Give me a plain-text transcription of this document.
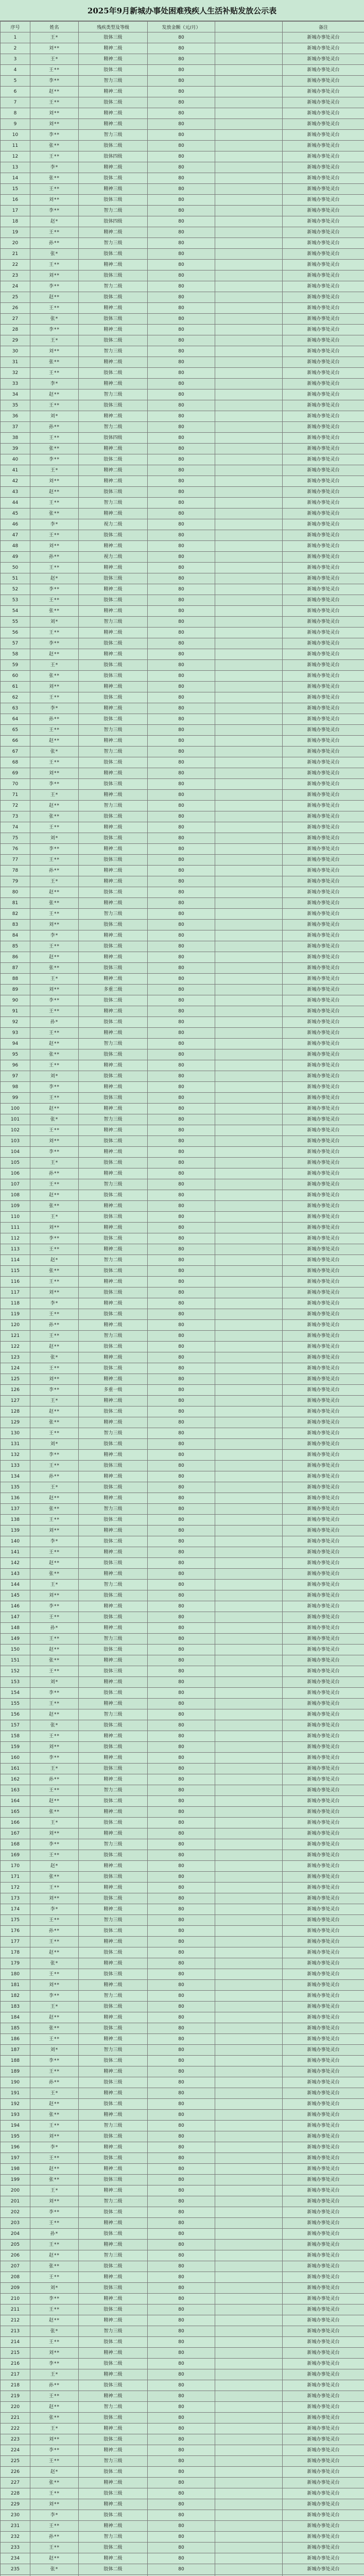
2025年9月新城办事处困难残疾人生活补贴发放公示表
序号	姓名	残疾类型及等级	发放金额（元/月）		备注
1	王*	肢体三级	80		新城办事处灵台
2	刘**	精神二级	80		新城办事处灵台
3	王*	精神二级	80		新城办事处灵台
4	王**	肢体二级	80		新城办事处灵台
5	李**	智力三级	80		新城办事处灵台
6	赵**	精神二级	80		新城办事处灵台
7	王**	肢体二级	80		新城办事处灵台
8	刘**	精神二级	80		新城办事处灵台
9	刘**	精神二级	80		新城办事处灵台
10	李**	智力三级	80		新城办事处灵台
11	张**	肢体二级	80		新城办事处灵台
12	王**	肢体四级	80		新城办事处灵台
13	李*	精神二级	80		新城办事处灵台
14	张**	肢体二级	80		新城办事处灵台
15	王**	精神三级	80		新城办事处灵台
16	刘**	肢体三级	80		新城办事处灵台
17	李**	智力二级	80		新城办事处灵台
18	赵*	肢体四级	80		新城办事处灵台
19	王**	精神二级	80		新城办事处灵台
20	孙**	智力三级	80		新城办事处灵台
21	张*	肢体二级	80		新城办事处灵台
22	王**	精神二级	80		新城办事处灵台
23	刘**	肢体三级	80		新城办事处灵台
24	李**	智力二级	80		新城办事处灵台
25	赵**	肢体二级	80		新城办事处灵台
26	王**	精神二级	80		新城办事处灵台
27	张*	肢体三级	80		新城办事处灵台
28	李**	精神二级	80		新城办事处灵台
29	王*	肢体二级	80		新城办事处灵台
30	刘**	智力三级	80		新城办事处灵台
31	张**	精神二级	80		新城办事处灵台
32	王**	肢体二级	80		新城办事处灵台
33	李*	精神二级	80		新城办事处灵台
34	赵**	智力三级	80		新城办事处灵台
35	王**	肢体三级	80		新城办事处灵台
36	刘*	精神二级	80		新城办事处灵台
37	孙**	智力二级	80		新城办事处灵台
38	王**	肢体四级	80		新城办事处灵台
39	张**	精神二级	80		新城办事处灵台
40	李**	肢体二级	80		新城办事处灵台
41	王*	精神二级	80		新城办事处灵台
42	刘**	精神二级	80		新城办事处灵台
43	赵**	肢体三级	80		新城办事处灵台
44	王**	智力三级	80		新城办事处灵台
45	张**	精神二级	80		新城办事处灵台
46	李*	视力二级	80		新城办事处灵台
47	王**	肢体二级	80		新城办事处灵台
48	刘**	精神二级	80		新城办事处灵台
49	孙**	视力二级	80		新城办事处灵台
50	王**	精神二级	80		新城办事处灵台
51	赵*	肢体三级	80		新城办事处灵台
52	李**	精神二级	80		新城办事处灵台
53	王**	肢体二级	80		新城办事处灵台
54	张**	精神二级	80		新城办事处灵台
55	刘*	智力三级	80		新城办事处灵台
56	王**	精神二级	80		新城办事处灵台
57	李**	肢体二级	80		新城办事处灵台
58	赵**	精神二级	80		新城办事处灵台
59	王*	肢体二级	80		新城办事处灵台
60	张**	肢体三级	80		新城办事处灵台
61	刘**	精神二级	80		新城办事处灵台
62	王**	肢体二级	80		新城办事处灵台
63	李*	精神二级	80		新城办事处灵台
64	孙**	肢体二级	80		新城办事处灵台
65	王**	智力三级	80		新城办事处灵台
66	赵**	精神二级	80		新城办事处灵台
67	张*	智力二级	80		新城办事处灵台
68	王**	肢体二级	80		新城办事处灵台
69	刘**	精神二级	80		新城办事处灵台
70	李**	肢体三级	80		新城办事处灵台
71	王*	精神二级	80		新城办事处灵台
72	赵**	智力三级	80		新城办事处灵台
73	张**	肢体二级	80		新城办事处灵台
74	王**	精神二级	80		新城办事处灵台
75	刘*	肢体二级	80		新城办事处灵台
76	李**	精神二级	80		新城办事处灵台
77	王**	肢体三级	80		新城办事处灵台
78	孙**	精神二级	80		新城办事处灵台
79	王*	精神二级	80		新城办事处灵台
80	赵**	肢体二级	80		新城办事处灵台
81	张**	精神二级	80		新城办事处灵台
82	王**	智力三级	80		新城办事处灵台
83	刘**	肢体二级	80		新城办事处灵台
84	李*	精神二级	80		新城办事处灵台
85	王**	肢体二级	80		新城办事处灵台
86	赵**	精神二级	80		新城办事处灵台
87	张**	肢体三级	80		新城办事处灵台
88	王*	精神二级	80		新城办事处灵台
89	刘**	多重二级	80		新城办事处灵台
90	李**	肢体二级	80		新城办事处灵台
91	王**	精神二级	80		新城办事处灵台
92	孙*	肢体二级	80		新城办事处灵台
93	王**	精神二级	80		新城办事处灵台
94	赵**	智力三级	80		新城办事处灵台
95	张**	肢体二级	80		新城办事处灵台
96	王**	精神二级	80		新城办事处灵台
97	刘*	肢体二级	80		新城办事处灵台
98	李**	精神二级	80		新城办事处灵台
99	王**	肢体三级	80		新城办事处灵台
100	赵**	精神二级	80		新城办事处灵台
101	张*	智力三级	80		新城办事处灵台
102	王**	精神二级	80		新城办事处灵台
103	刘**	肢体二级	80		新城办事处灵台
104	李**	精神二级	80		新城办事处灵台
105	王*	肢体二级	80		新城办事处灵台
106	孙**	精神二级	80		新城办事处灵台
107	王**	智力三级	80		新城办事处灵台
108	赵**	肢体二级	80		新城办事处灵台
109	张**	精神二级	80		新城办事处灵台
110	王*	肢体三级	80		新城办事处灵台
111	刘**	精神二级	80		新城办事处灵台
112	李**	肢体二级	80		新城办事处灵台
113	王**	精神二级	80		新城办事处灵台
114	赵*	智力二级	80		新城办事处灵台
115	张**	肢体二级	80		新城办事处灵台
116	王**	精神二级	80		新城办事处灵台
117	刘**	肢体三级	80		新城办事处灵台
118	李*	精神二级	80		新城办事处灵台
119	王**	肢体二级	80		新城办事处灵台
120	孙**	精神二级	80		新城办事处灵台
121	王**	智力三级	80		新城办事处灵台
122	赵**	肢体二级	80		新城办事处灵台
123	张*	精神二级	80		新城办事处灵台
124	王**	肢体二级	80		新城办事处灵台
125	刘**	精神二级	80		新城办事处灵台
126	李**	多重一级	80		新城办事处灵台
127	王*	精神二级	80		新城办事处灵台
128	赵**	肢体二级	80		新城办事处灵台
129	张**	精神二级	80		新城办事处灵台
130	王**	智力三级	80		新城办事处灵台
131	刘*	肢体二级	80		新城办事处灵台
132	李**	精神二级	80		新城办事处灵台
133	王**	肢体三级	80		新城办事处灵台
134	孙**	精神二级	80		新城办事处灵台
135	王*	肢体二级	80		新城办事处灵台
136	赵**	精神二级	80		新城办事处灵台
137	张**	智力三级	80		新城办事处灵台
138	王**	肢体二级	80		新城办事处灵台
139	刘**	精神二级	80		新城办事处灵台
140	李*	肢体二级	80		新城办事处灵台
141	王**	精神二级	80		新城办事处灵台
142	赵**	肢体三级	80		新城办事处灵台
143	张**	精神二级	80		新城办事处灵台
144	王*	智力二级	80		新城办事处灵台
145	刘**	肢体二级	80		新城办事处灵台
146	李**	精神二级	80		新城办事处灵台
147	王**	肢体二级	80		新城办事处灵台
148	孙*	精神二级	80		新城办事处灵台
149	王**	智力三级	80		新城办事处灵台
150	赵**	肢体二级	80		新城办事处灵台
151	张**	精神二级	80		新城办事处灵台
152	王**	肢体三级	80		新城办事处灵台
153	刘*	精神二级	80		新城办事处灵台
154	李**	肢体二级	80		新城办事处灵台
155	王**	精神二级	80		新城办事处灵台
156	赵**	智力三级	80		新城办事处灵台
157	张*	肢体二级	80		新城办事处灵台
158	王**	精神二级	80		新城办事处灵台
159	刘**	肢体二级	80		新城办事处灵台
160	李**	精神二级	80		新城办事处灵台
161	王*	肢体三级	80		新城办事处灵台
162	孙**	精神二级	80		新城办事处灵台
163	王**	智力二级	80		新城办事处灵台
164	赵**	肢体二级	80		新城办事处灵台
165	张**	精神二级	80		新城办事处灵台
166	王*	肢体二级	80		新城办事处灵台
167	刘**	精神二级	80		新城办事处灵台
168	李**	智力三级	80		新城办事处灵台
169	王**	肢体二级	80		新城办事处灵台
170	赵*	精神二级	80		新城办事处灵台
171	张**	肢体三级	80		新城办事处灵台
172	王**	精神二级	80		新城办事处灵台
173	刘**	肢体二级	80		新城办事处灵台
174	李*	精神二级	80		新城办事处灵台
175	王**	智力三级	80		新城办事处灵台
176	孙**	肢体二级	80		新城办事处灵台
177	王**	精神二级	80		新城办事处灵台
178	赵**	肢体二级	80		新城办事处灵台
179	张*	精神二级	80		新城办事处灵台
180	王**	肢体三级	80		新城办事处灵台
181	刘**	精神二级	80		新城办事处灵台
182	李**	智力二级	80		新城办事处灵台
183	王*	肢体二级	80		新城办事处灵台
184	赵**	精神二级	80		新城办事处灵台
185	张**	肢体二级	80		新城办事处灵台
186	王**	精神二级	80		新城办事处灵台
187	刘*	智力三级	80		新城办事处灵台
188	李**	肢体二级	80		新城办事处灵台
189	王**	精神二级	80		新城办事处灵台
190	孙**	肢体三级	80		新城办事处灵台
191	王*	精神二级	80		新城办事处灵台
192	赵**	肢体二级	80		新城办事处灵台
193	张**	精神二级	80		新城办事处灵台
194	王**	智力三级	80		新城办事处灵台
195	刘**	肢体二级	80		新城办事处灵台
196	李*	精神二级	80		新城办事处灵台
197	王**	肢体二级	80		新城办事处灵台
198	赵**	精神二级	80		新城办事处灵台
199	张**	肢体三级	80		新城办事处灵台
200	王*	精神二级	80		新城办事处灵台
201	刘**	智力二级	80		新城办事处灵台
202	李**	肢体二级	80		新城办事处灵台
203	王**	精神二级	80		新城办事处灵台
204	孙*	肢体二级	80		新城办事处灵台
205	王**	精神二级	80		新城办事处灵台
206	赵**	智力三级	80		新城办事处灵台
207	张**	肢体二级	80		新城办事处灵台
208	王**	精神二级	80		新城办事处灵台
209	刘*	肢体三级	80		新城办事处灵台
210	李**	精神二级	80		新城办事处灵台
211	王**	肢体二级	80		新城办事处灵台
212	赵**	精神二级	80		新城办事处灵台
213	张*	智力三级	80		新城办事处灵台
214	王**	肢体二级	80		新城办事处灵台
215	刘**	精神二级	80		新城办事处灵台
216	李**	肢体二级	80		新城办事处灵台
217	王*	精神二级	80		新城办事处灵台
218	孙**	肢体三级	80		新城办事处灵台
219	王**	精神二级	80		新城办事处灵台
220	赵**	智力二级	80		新城办事处灵台
221	张**	肢体二级	80		新城办事处灵台
222	王*	精神二级	80		新城办事处灵台
223	刘**	肢体二级	80		新城办事处灵台
224	李**	精神二级	80		新城办事处灵台
225	王**	智力三级	80		新城办事处灵台
226	赵*	肢体二级	80		新城办事处灵台
227	张**	精神二级	80		新城办事处灵台
228	王**	肢体三级	80		新城办事处灵台
229	刘**	精神二级	80		新城办事处灵台
230	李*	肢体二级	80		新城办事处灵台
231	王**	精神二级	80		新城办事处灵台
232	孙**	智力三级	80		新城办事处灵台
233	王**	肢体二级	80		新城办事处灵台
234	赵**	精神二级	80		新城办事处灵台
235	张*	肢体二级	80		新城办事处灵台
